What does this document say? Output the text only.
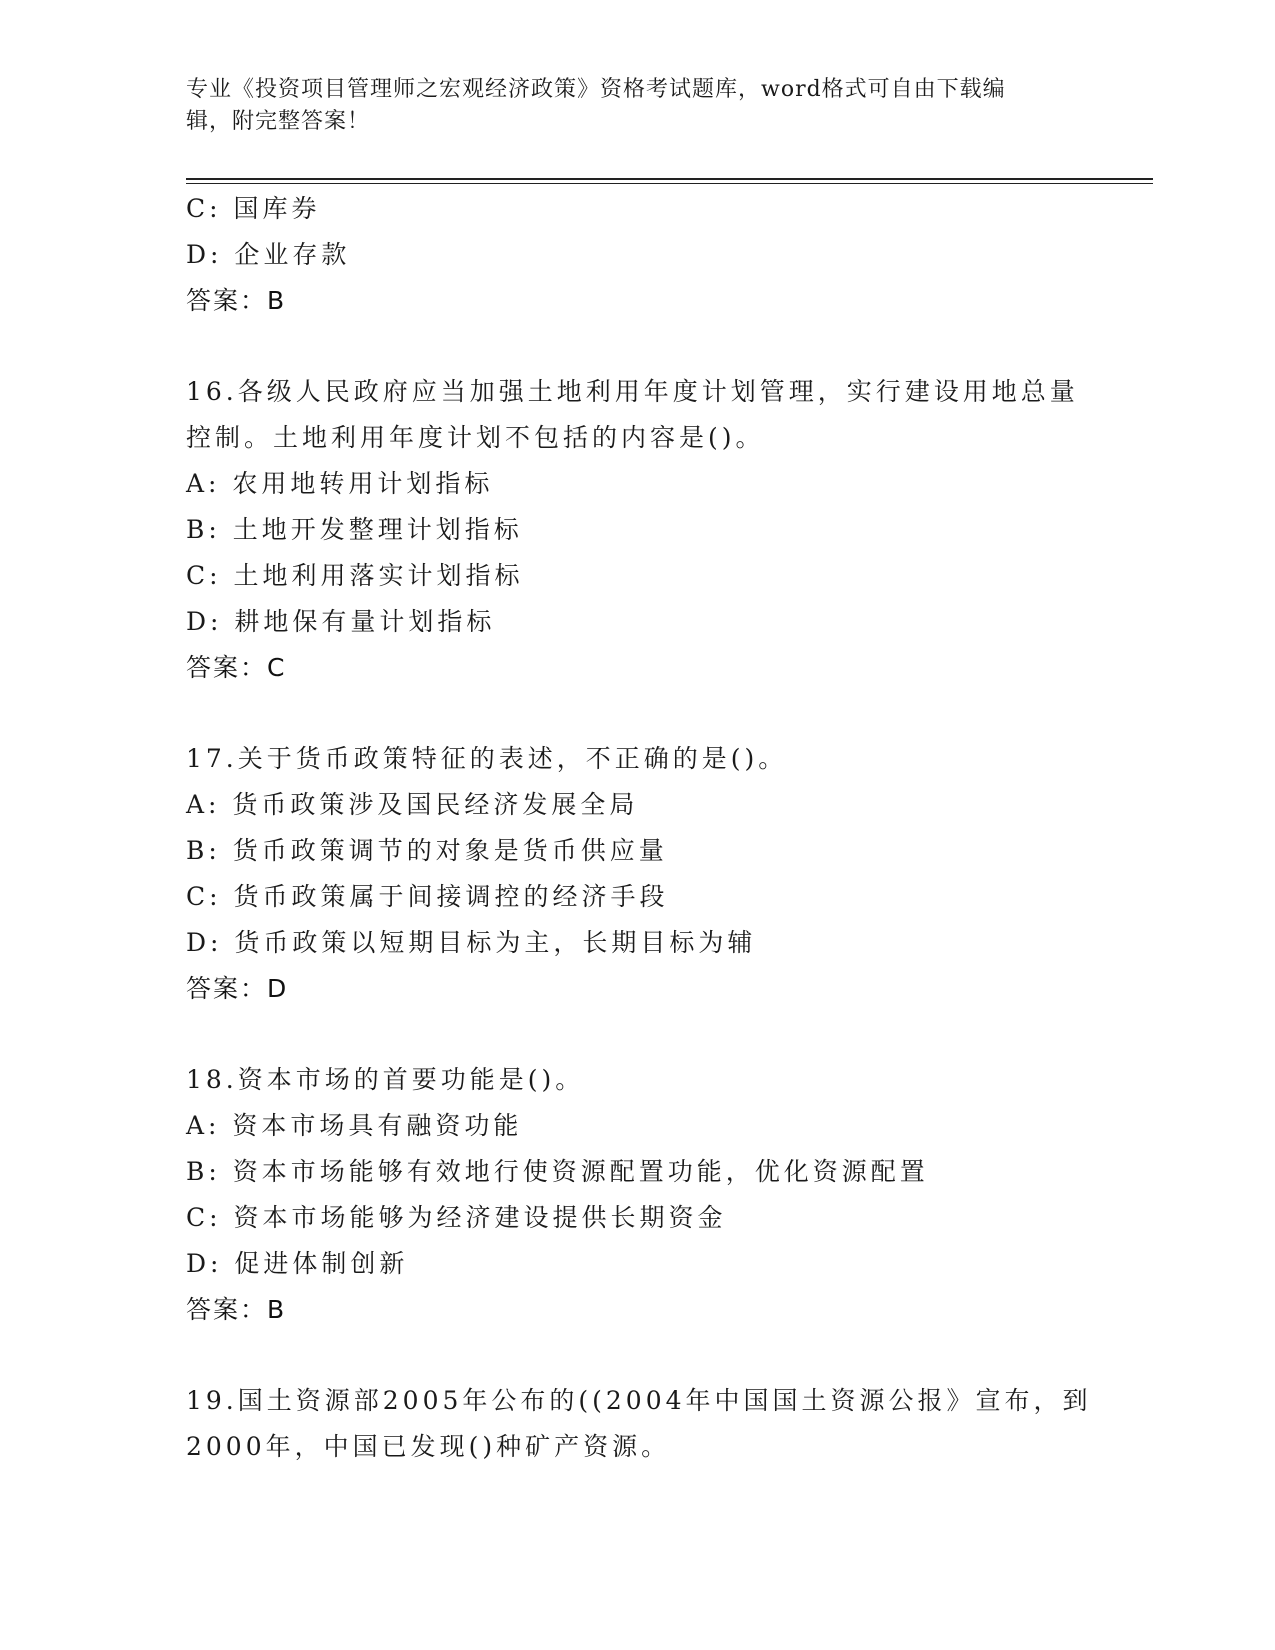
专业《投资项目管理师之宏观经济政策》资格考试题库，word格式可自由下载编
辑，附完整答案！
C: 国库券
D: 企业存款
答案：B
16.各级人民政府应当加强土地利用年度计划管理，实行建设用地总量
控制。土地利用年度计划不包括的内容是()。
A: 农用地转用计划指标
B: 土地开发整理计划指标
C: 土地利用落实计划指标
D: 耕地保有量计划指标
答案：C
17.关于货币政策特征的表述，不正确的是()。
A: 货币政策涉及国民经济发展全局
B: 货币政策调节的对象是货币供应量
C: 货币政策属于间接调控的经济手段
D: 货币政策以短期目标为主，长期目标为辅
答案：D
18.资本市场的首要功能是()。
A: 资本市场具有融资功能
B: 资本市场能够有效地行使资源配置功能，优化资源配置
C: 资本市场能够为经济建设提供长期资金
D: 促进体制创新
答案：B
19.国土资源部2005年公布的((2004年中国国土资源公报》宣布，到
2000年，中国已发现()种矿产资源。
